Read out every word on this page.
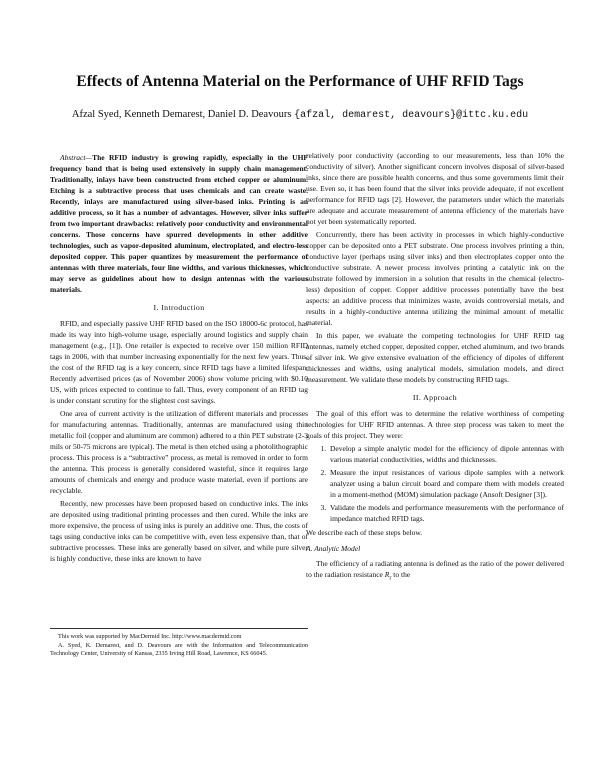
Effects of Antenna Material on the Performance of UHF RFID Tags
Afzal Syed, Kenneth Demarest, Daniel D. Deavours {afzal, demarest, deavours}@ittc.ku.edu

Abstract—The RFID industry is growing rapidly, especially in the UHF frequency band that is being used extensively in supply chain management. Traditionally, inlays have been constructed from etched copper or aluminum. Etching is a subtractive process that uses chemicals and can create waste. Recently, inlays are manufactured using silver-based inks. Printing is an additive process, so it has a number of advantages. However, silver inks suffer from two important drawbacks: relatively poor conductivity and environmental concerns. Those concerns have spurred developments in other additive technologies, such as vapor-deposited aluminum, electroplated, and electro-less deposited copper. This paper quantizes by measurement the performance of antennas with three materials, four line widths, and various thicknesses, which may serve as guidelines about how to design antennas with the various materials.

I. Introduction

RFID, and especially passive UHF RFID based on the ISO 18000-6c protocol, has made its way into high-volume usage, especially around logistics and supply chain management (e.g., [1]). One retailer is expected to receive over 150 million RFID tags in 2006, with that number increasing exponentially for the next few years. Thus, the cost of the RFID tag is a key concern, since RFID tags have a limited lifespan. Recently advertised prices (as of November 2006) show volume pricing with $0.10 US, with prices expected to continue to fall. Thus, every component of an RFID tag is under constant scrutiny for the slightest cost savings.

One area of current activity is the utilization of different materials and processes for manufacturing antennas. Traditionally, antennas are manufactured using thin metallic foil (copper and aluminum are common) adhered to a thin PET substrate (2-3 mils or 50-75 microns are typical). The metal is then etched using a photolithographic process. This process is a “subtractive” process, as metal is removed in order to form the antenna. This process is generally considered wasteful, since it requires large amounts of chemicals and energy and produce waste material, even if portions are recyclable.

Recently, new processes have been proposed based on conductive inks. The inks are deposited using traditional printing processes and then cured. While the inks are more expensive, the process of using inks is purely an additive one. Thus, the costs of tags using conductive inks can be competitive with, even less expensive than, that of subtractive processes. These inks are generally based on silver, and while pure silver is highly conductive, these inks are known to have

relatively poor conductivity (according to our measurements, less than 10% the conductivity of silver). Another significant concern involves disposal of silver-based inks, since there are possible health concerns, and thus some governments limit their use. Even so, it has been found that the silver inks provide adequate, if not excellent performance for RFID tags [2]. However, the parameters under which the materials are adequate and accurate measurement of antenna efficiency of the materials have not yet been systematically reported.

Concurrently, there has been activity in processes in which highly-conductive copper can be deposited onto a PET substrate. One process involves printing a thin, conductive layer (perhaps using silver inks) and then electroplates copper onto the conductive substrate. A newer process involves printing a catalytic ink on the substrate followed by immersion in a solution that results in the chemical (electro-less) deposition of copper. Copper additive processes potentially have the best aspects: an additive process that minimizes waste, avoids controversial metals, and results in a highly-conductive antenna utilizing the minimal amount of metallic material.

In this paper, we evaluate the competing technologies for UHF RFID tag antennas, namely etched copper, deposited copper, etched aluminum, and two brands of silver ink. We give extensive evaluation of the efficiency of dipoles of different thicknesses and widths, using analytical models, simulation models, and direct measurement. We validate these models by constructing RFID tags.

II. Approach

The goal of this effort was to determine the relative worthiness of competing technologies for UHF RFID antennas. A three step process was taken to meet the goals of this project. They were:

1. Develop a simple analytic model for the efficiency of dipole antennas with various material conductivities, widths and thicknesses.
2. Measure the input resistances of various dipole samples with a network analyzer using a balun circuit board and compare them with models created in a moment-method (MOM) simulation package (Ansoft Designer [3]).
3. Validate the models and performance measurements with the performance of impedance matched RFID tags.

We describe each of these steps below.

A. Analytic Model

The efficiency of a radiating antenna is defined as the ratio of the power delivered to the radiation resistance $R_r$ to the

This work was supported by MacDermid Inc. http://www.macdermid.com

A. Syed, K. Demarest, and D. Deavours are with the Information and Telecommunication Technology Center, University of Kansas, 2335 Irving Hill Road, Lawrence, KS 66045.
